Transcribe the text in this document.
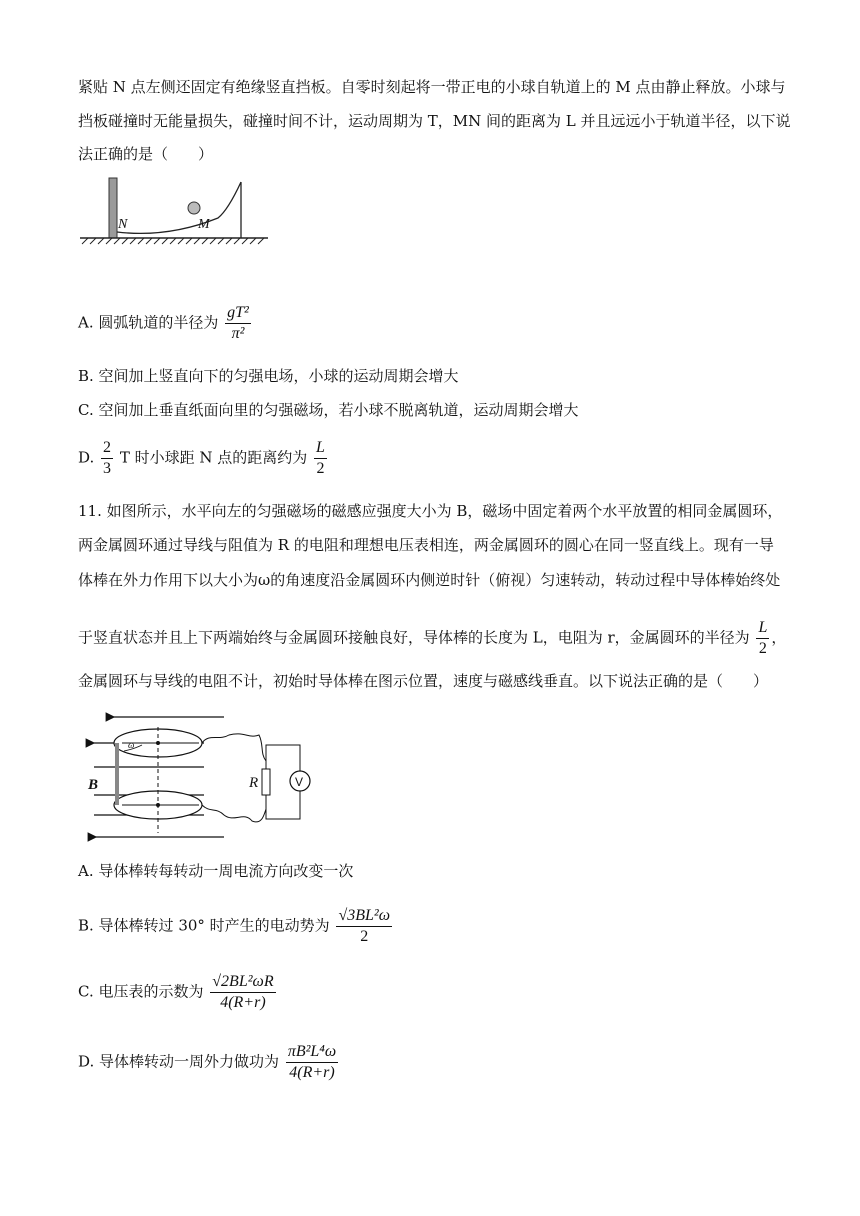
紧贴 N 点左侧还固定有绝缘竖直挡板。自零时刻起将一带正电的小球自轨道上的 M 点由静止释放。小球与
挡板碰撞时无能量损失，碰撞时间不计，运动周期为 T，MN 间的距离为 L 并且远远小于轨道半径，以下说
法正确的是（　　）
N	M
A. 圆弧轨道的半径为 $\frac{\text{gT²}}{\text{π²}}$
B. 空间加上竖直向下的匀强电场，小球的运动周期会增大
C. 空间加上垂直纸面向里的匀强磁场，若小球不脱离轨道，运动周期会增大
D. $\frac{2}{3}$ T 时小球距 N 点的距离约为 $\frac{L}{2}$
11. 如图所示，水平向左的匀强磁场的磁感应强度大小为 B，磁场中固定着两个水平放置的相同金属圆环，
两金属圆环通过导线与阻值为 R 的电阻和理想电压表相连，两金属圆环的圆心在同一竖直线上。现有一导
体棒在外力作用下以大小为ω的角速度沿金属圆环内侧逆时针（俯视）匀速转动，转动过程中导体棒始终处
于竖直状态并且上下两端始终与金属圆环接触良好，导体棒的长度为 L，电阻为 r，金属圆环的半径为 $\frac{L}{2}$ ，
金属圆环与导线的电阻不计，初始时导体棒在图示位置，速度与磁感线垂直。以下说法正确的是（　　）
ω
V
R
B
A. 导体棒转每转动一周电流方向改变一次
B. 导体棒转过 30° 时产生的电动势为 $\frac{\text{√3BL²ω}}{2}$
C. 电压表的示数为 $\frac{\text{√2BL²ωR}}{4(R+r)}$
D. 导体棒转动一周外力做功为 $\frac{\text{πB²L⁴ω}}{4(R+r)}$
